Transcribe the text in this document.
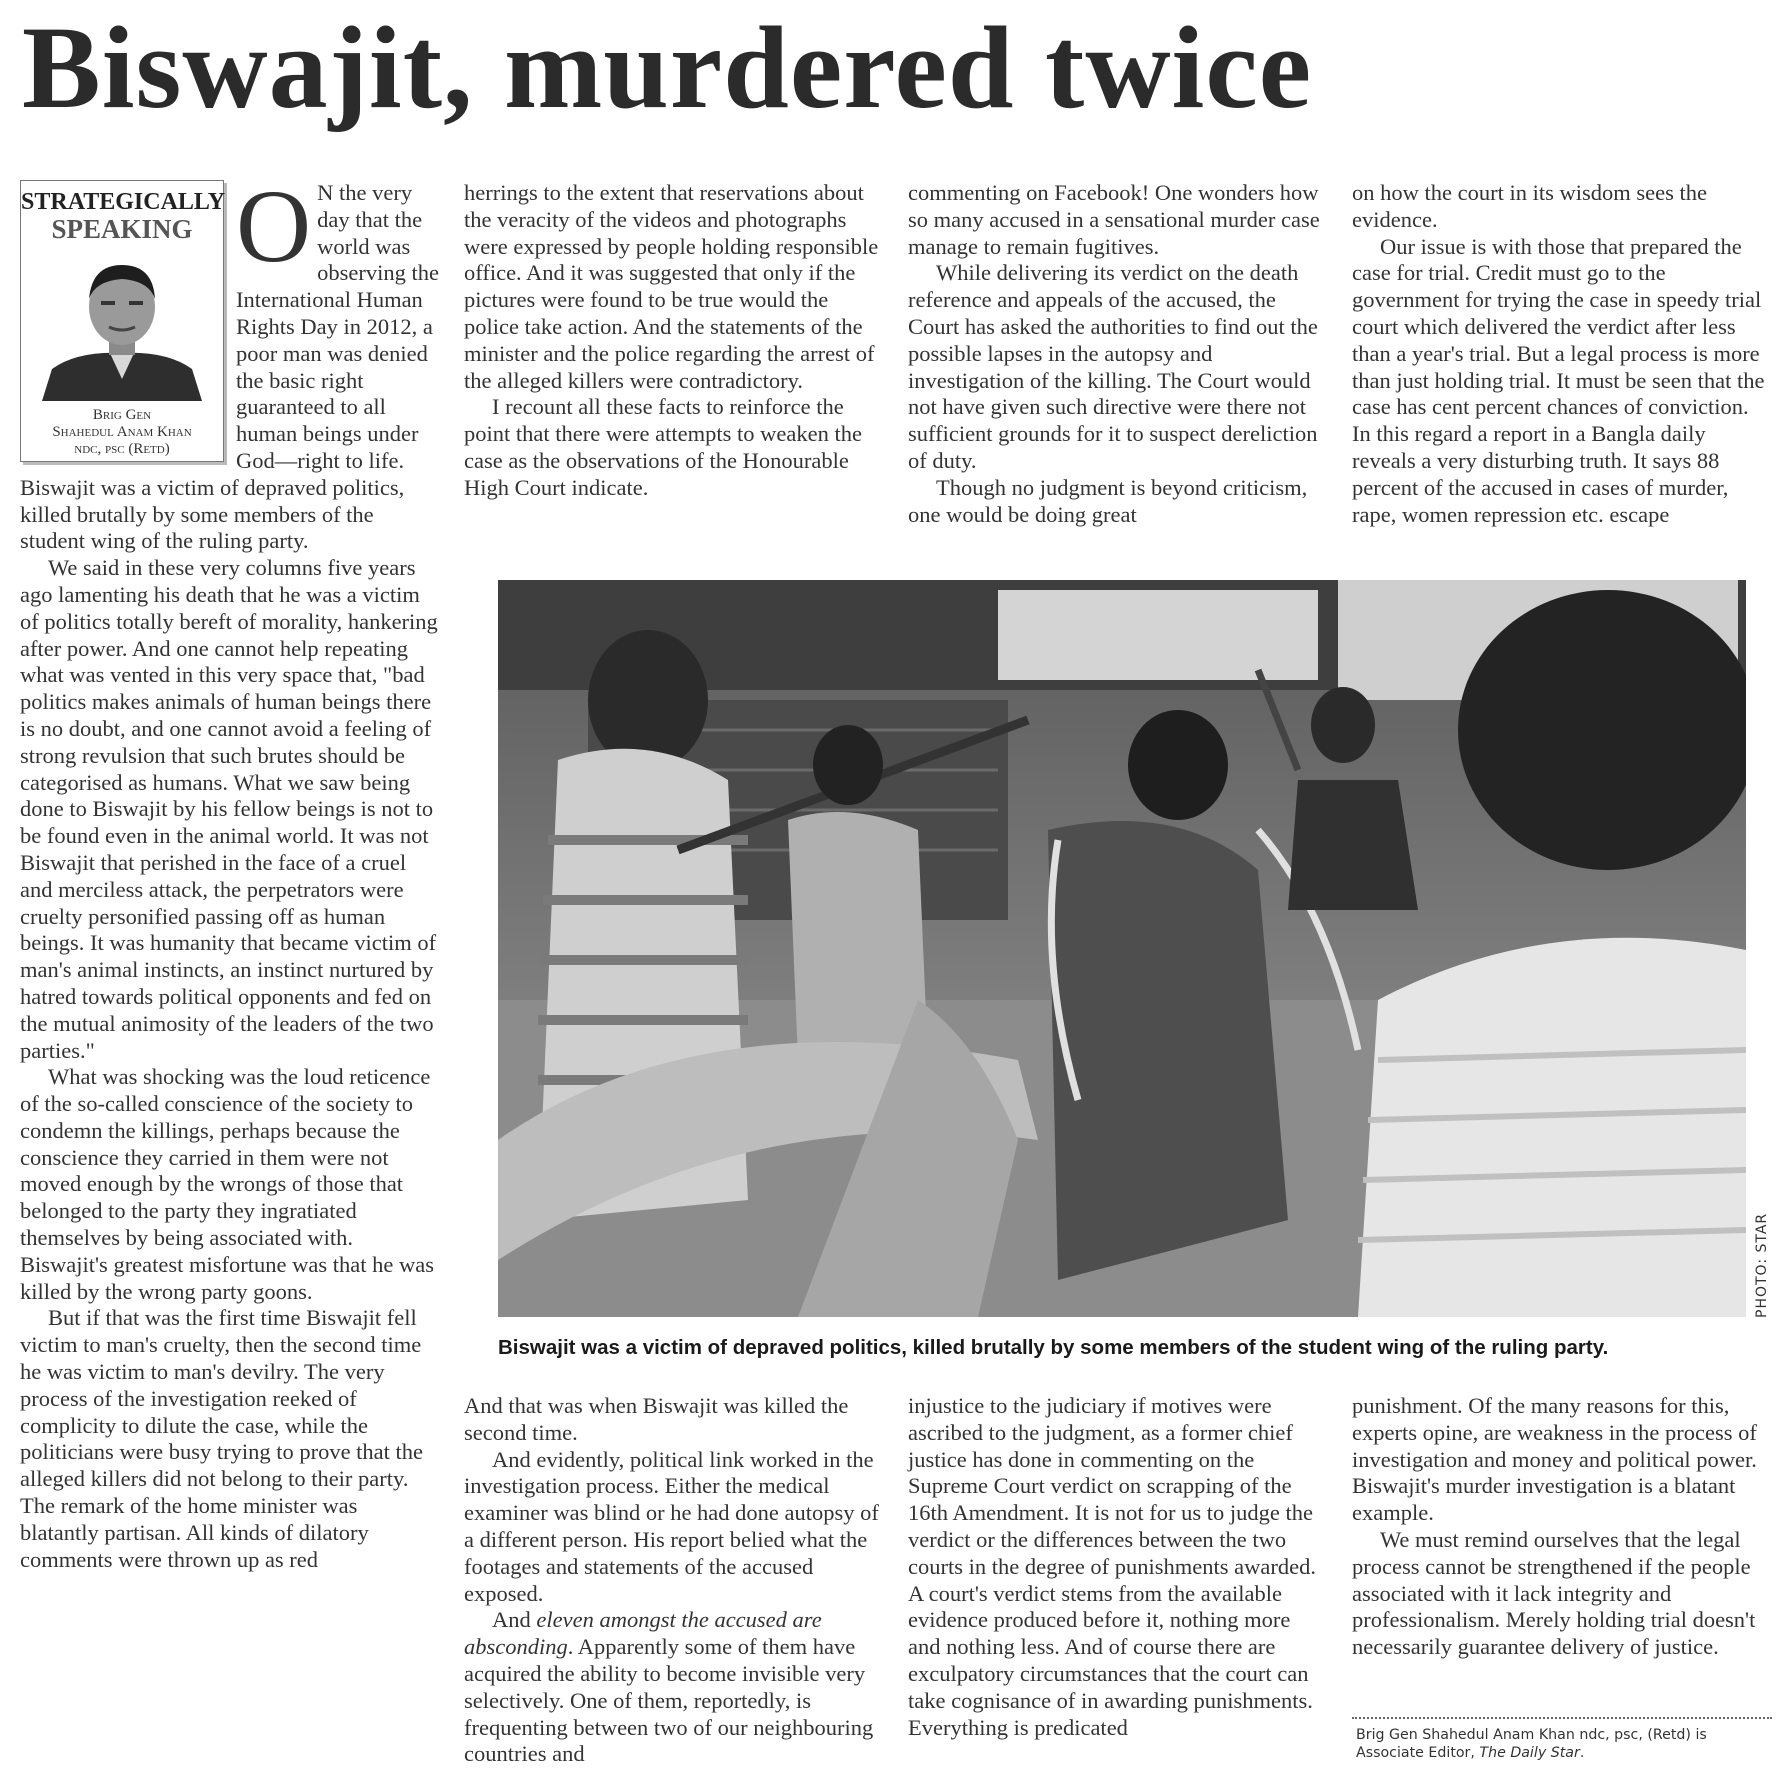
Biswajit, murdered twice
STRATEGICALLY
SPEAKING
Brig Gen
Shahedul Anam Khan
ndc, psc (Retd)

O N the very day that the world was observing the International Human Rights Day in 2012, a poor man was denied the basic right guaranteed to all human beings under God—right to life. Biswajit was a victim of depraved politics, killed brutally by some members of the student wing of the ruling party.

We said in these very columns five years ago lamenting his death that he was a victim of politics totally bereft of morality, hankering after power. And one cannot help repeating what was vented in this very space that, "bad politics makes animals of human beings there is no doubt, and one cannot avoid a feeling of strong revulsion that such brutes should be categorised as humans. What we saw being done to Biswajit by his fellow beings is not to be found even in the animal world. It was not Biswajit that perished in the face of a cruel and merciless attack, the perpetrators were cruelty personified passing off as human beings. It was humanity that became victim of man's animal instincts, an instinct nurtured by hatred towards political opponents and fed on the mutual animosity of the leaders of the two parties."

What was shocking was the loud reticence of the so-called conscience of the society to condemn the killings, perhaps because the conscience they carried in them were not moved enough by the wrongs of those that belonged to the party they ingratiated themselves by being associated with. Biswajit's greatest misfortune was that he was killed by the wrong party goons.

But if that was the first time Biswajit fell victim to man's cruelty, then the second time he was victim to man's devilry. The very process of the investigation reeked of complicity to dilute the case, while the politicians were busy trying to prove that the alleged killers did not belong to their party. The remark of the home minister was blatantly partisan. All kinds of dilatory comments were thrown up as red

herrings to the extent that reservations about the veracity of the videos and photographs were expressed by people holding responsible office. And it was suggested that only if the pictures were found to be true would the police take action. And the statements of the minister and the police regarding the arrest of the alleged killers were contradictory.

I recount all these facts to reinforce the point that there were attempts to weaken the case as the observations of the Honourable High Court indicate.

commenting on Facebook! One wonders how so many accused in a sensational murder case manage to remain fugitives.

While delivering its verdict on the death reference and appeals of the accused, the Court has asked the authorities to find out the possible lapses in the autopsy and investigation of the killing. The Court would not have given such directive were there not sufficient grounds for it to suspect dereliction of duty.

Though no judgment is beyond criticism, one would be doing great

on how the court in its wisdom sees the evidence.

Our issue is with those that prepared the case for trial. Credit must go to the government for trying the case in speedy trial court which delivered the verdict after less than a year's trial. But a legal process is more than just holding trial. It must be seen that the case has cent percent chances of conviction. In this regard a report in a Bangla daily reveals a very disturbing truth. It says 88 percent of the accused in cases of murder, rape, women repression etc. escape

PHOTO: STAR
Biswajit was a victim of depraved politics, killed brutally by some members of the student wing of the ruling party.

And that was when Biswajit was killed the second time.

And evidently, political link worked in the investigation process. Either the medical examiner was blind or he had done autopsy of a different person. His report belied what the footages and statements of the accused exposed.

And eleven amongst the accused are absconding. Apparently some of them have acquired the ability to become invisible very selectively. One of them, reportedly, is frequenting between two of our neighbouring countries and

injustice to the judiciary if motives were ascribed to the judgment, as a former chief justice has done in commenting on the Supreme Court verdict on scrapping of the 16th Amendment. It is not for us to judge the verdict or the differences between the two courts in the degree of punishments awarded. A court's verdict stems from the available evidence produced before it, nothing more and nothing less. And of course there are exculpatory circumstances that the court can take cognisance of in awarding punishments. Everything is predicated

punishment. Of the many reasons for this, experts opine, are weakness in the process of investigation and money and political power. Biswajit's murder investigation is a blatant example.

We must remind ourselves that the legal process cannot be strengthened if the people associated with it lack integrity and professionalism. Merely holding trial doesn't necessarily guarantee delivery of justice.

Brig Gen Shahedul Anam Khan ndc, psc, (Retd) is Associate Editor, The Daily Star.
